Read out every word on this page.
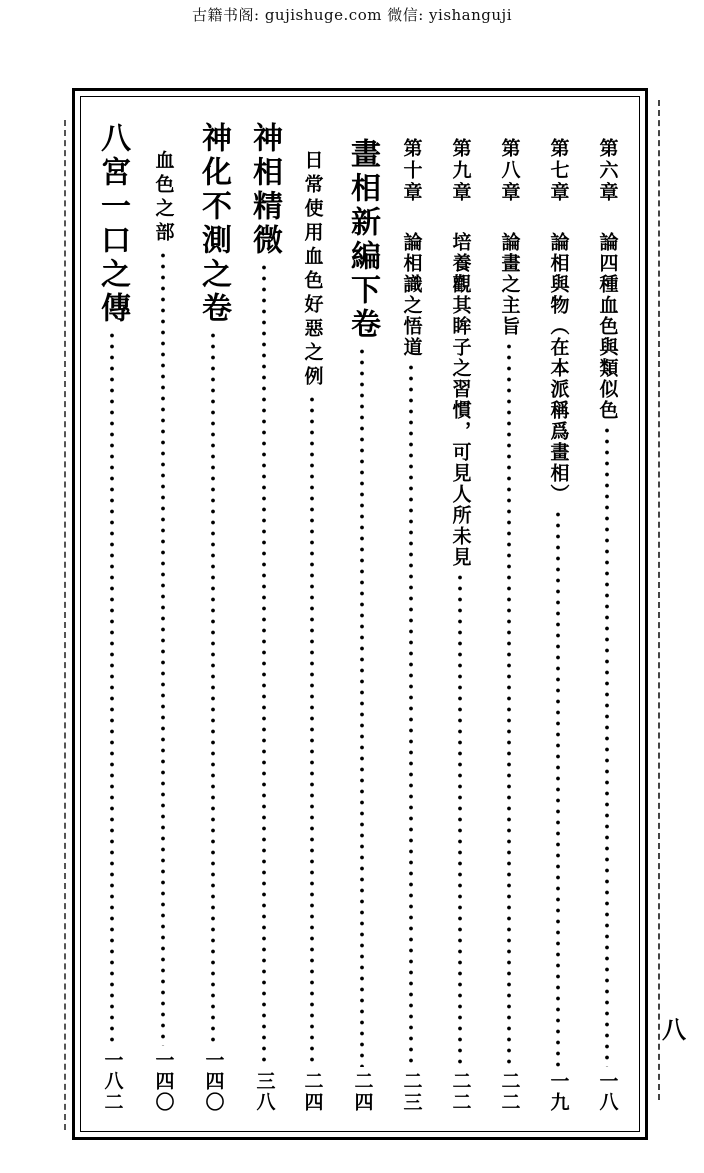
古籍书阁: gujishuge.com 微信: yishanguji
八
第六章
論四種血色與類似色
一八
第七章
論相與物（在本派稱爲畫相）
一九
第八章
論畫之主旨
二二
第九章
培養觀其眸子之習慣，可見人所未見
二二
第十章
論相識之悟道
二三
畫相新編下卷
二四
日常使用血色好惡之例
二四
神相精微
三八
神化不測之卷
一四〇
血色之部
一四〇
八宮一口之傳
一八二
